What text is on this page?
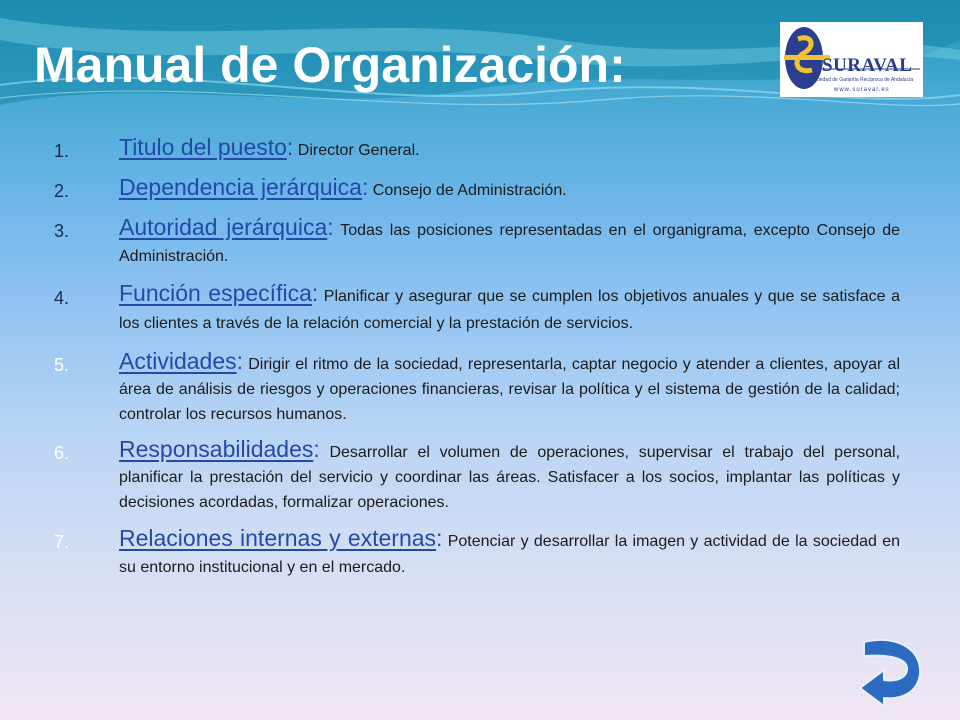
Manual de Organización:	SURAVAL
Sociedad de Garantía Recíproca de Andalucía
www.suraval.es
1. Titulo del puesto: Director General.
2. Dependencia jerárquica: Consejo de Administración.
3. Autoridad jerárquica: Todas las posiciones representadas en el organigrama, excepto Consejo de Administración.
4. Función específica: Planificar y asegurar que se cumplen los objetivos anuales y que se satisface a los clientes a través de la relación comercial y la prestación de servicios.
5. Actividades: Dirigir el ritmo de la sociedad, representarla, captar negocio y atender a clientes, apoyar al área de análisis de riesgos y operaciones financieras, revisar la política y el sistema de gestión de la calidad; controlar los recursos humanos.
6. Responsabilidades: Desarrollar el volumen de operaciones, supervisar el trabajo del personal, planificar la prestación del servicio y coordinar las áreas. Satisfacer a los socios, implantar las políticas y decisiones acordadas, formalizar operaciones.
7. Relaciones internas y externas: Potenciar y desarrollar la imagen y actividad de la sociedad en su entorno institucional y en el mercado.
